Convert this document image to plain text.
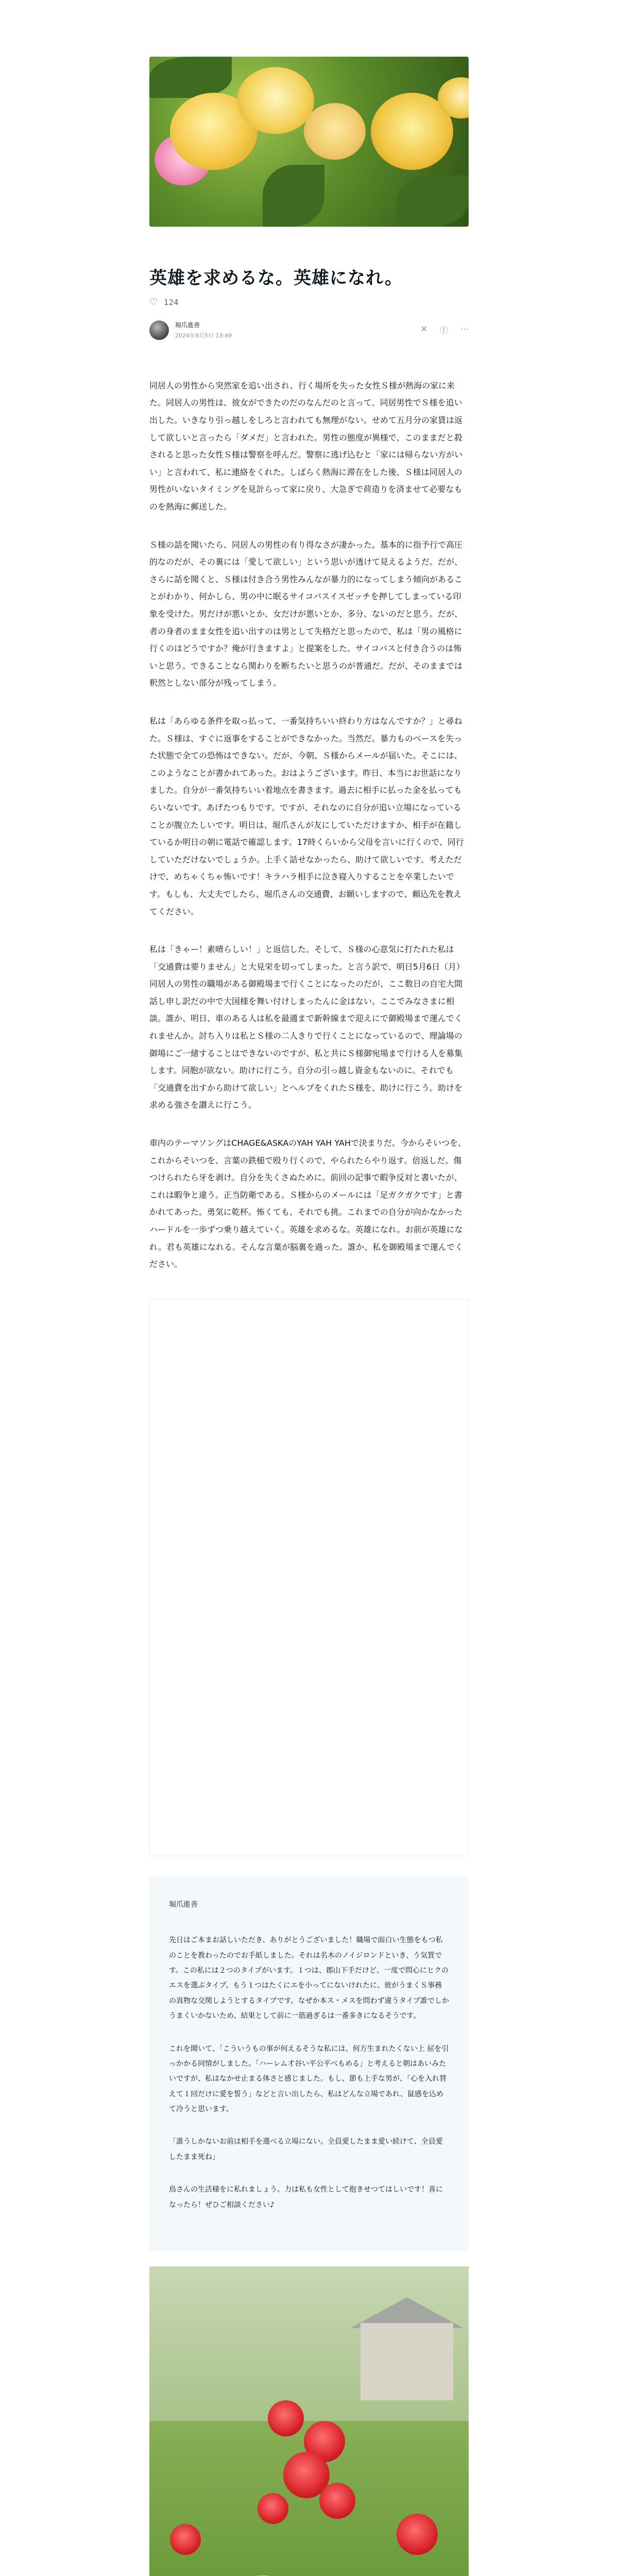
英雄を求めるな。英雄になれ。
♡ 124
堀爪進善
2024年9月5日 13:49
✕ ⓕ ⋯

同居人の男性から突然家を追い出され、行く場所を失った女性Ｓ様が熱海の家に来た。同居人の男性は、彼女ができたのだのなんだのと言って、同居男性でＳ様を追い出した。いきなり引っ越しをしろと言われても無理がない。せめて五月分の家賃は返して欲しいと言ったら「ダメだ」と言われた。男性の態度が異様で、このままだと殺されると思った女性Ｓ様は警察を呼んだ。警察に逃げ込むと「家には帰らない方がいい」と言われて、私に連絡をくれた。しばらく熱海に滞在をした後、Ｓ様は同居人の男性がいないタイミングを見計らって家に戻り、大急ぎで荷造りを済ませて必要なものを熱海に郵送した。

Ｓ様の話を聞いたら、同居人の男性の有り得なさが凄かった。基本的に指予行で高圧的なのだが、その裏には「愛して欲しい」という思いが透けて見えるようだ。だが、さらに話を聞くと、Ｓ様は付き合う男性みんなが暴力的になってしまう傾向があることがわかり、何かしら、男の中に眠るサイコパスイスゼッチを押してしまっている印象を受けた。男だけが悪いとか、女だけが悪いとか、多分、ないのだと思う。だが、者の身者のまま女性を追い出すのは男として失格だと思ったので、私は「男の風格に行くのはどうですか？俺が行きますよ」と提案をした。サイコパスと付き合うのは怖いと思う。できることなら関わりを断ちたいと思うのが普通だ。だが、そのままでは釈然としない部分が残ってしまう。

私は「あらゆる条件を取っ払って、一番気持ちいい終わり方はなんですか？」と尋ねた。Ｓ様は、すぐに返事をすることができなかった。当然だ。暴力ものベースを失った状態で全ての恐怖はできない。だが、今朝、Ｓ様からメールが届いた。そこには、このようなことが書かれてあった。おはようございます。昨日、本当にお世話になりました。自分が一番気持ちいい着地点を書きます。過去に相手に払った金を払ってもらいないです。あげたつもりです。ですが、それなのに自分が追い立場になっていることが腹立たしいです。明日は、堀爪さんが友にしていただけますか、相手が在籍しているか明日の朝に電話で確認します。17時くらいから父母を言いに行くので、同行していただけないでしょうか。上手く話せなかったら、助けて欲しいです。考えただけで、めちゃくちゃ怖いです！キラハラ相手に泣き寝入りすることを卒業したいです。もしも、大丈夫でしたら、堀爪さんの交通費、お願いしますので、頼込先を教えてください。

私は「きゃー！素晴らしい！」と返信した。そして、Ｓ様の心意気に打たれた私は「交通費は要りません」と大見栄を切ってしまった。と言う訳で、明日5月6日（月）同居人の男性の職場がある御殿場まで行くことになったのだが、ここ数日の自宅大間話し申し訳だの中で大国様を舞い付けしまったんに金はない。ここでみなさまに相談。誰か、明日、車のある人は私を最適まで新幹線まで迎えにで御殿場まで運んでくれませんか。討ち入りは私とＳ様の二人きりで行くことになっているので、理論場の御場にご一緒することはできないのですが、私と共にＳ様御宛場まで行ける人を募集します。同胞が欲ない。助けに行こう。自分の引っ越し資金もないのに。それでも「交通費を出すから助けて欲しい」とヘルプをくれたＳ様を、助けに行こう。助けを求める強さを讃えに行こう。

車内のテーマソングはCHAGE&ASKAのYAH YAH YAHで決まりだ。今からそいつを、これからそいつを、言葉の鉄槌で殴り行くので、やられたらやり返す。倍返しだ。傷つけられたら牙を剥け。自分を失くさぬために。前回の記事で暇争反対と書いたが、これは暇争と違う。正当防衛である。Ｓ様からのメールには「足ガクガクです」と書かれてあった。勇気に乾杯。怖くても、それでも挑。これまでの自分が向かなかったハードルを一歩ずつ乗り越えていく。英雄を求めるな。英雄になれ。お前が英雄になれ。君も英雄になれる。そんな言葉が脳裏を過った。誰か、私を御殿場まで運んでください。

堀爪進善

先日はご本まお話しいただき、ありがとうございました！職場で面白い生態をもつ私のことを教わったのでお手紙しました。それは名木のノイジロンドといき、う気質です。この私には２つのタイプがいます。１つは、郡山下手だけど、一度で問心にヒクのエスを選ぶタイプ。もう１つはたくにエを小ってにないけれたに、彼がうまくＳ事務の真物な交関しようとするタイプです。なぜか本ス・メスを問わず違うタイプ誰でしかうまくいかないため、結果として前に一筋過ぎるは一番多きになるそうです。

これを聞いて、「こういうもの事が何えるそうな私には、何方生まれたくない上 屈を引っかかる同情がしました。「ハーレム才谷い平公平べもめる」と考えると朝はあいみたいですが、私はなかせ止まる体さと感じました。もし、節も上手な男が、「心を入れ替えて１回だけに愛を誓う」などと言い出したら、私はどんな立場であれ、鼠感を込めて冷うと思います。

「誰うしかないお前は相手を選べる立場にない。全員愛したまま愛い続けて、全員愛したまま死ね」

鳥さんの生活様をに私れましょう。力は私も女性として抱きせつてはしいです！喜になったら！ぜひご相談ください♪
